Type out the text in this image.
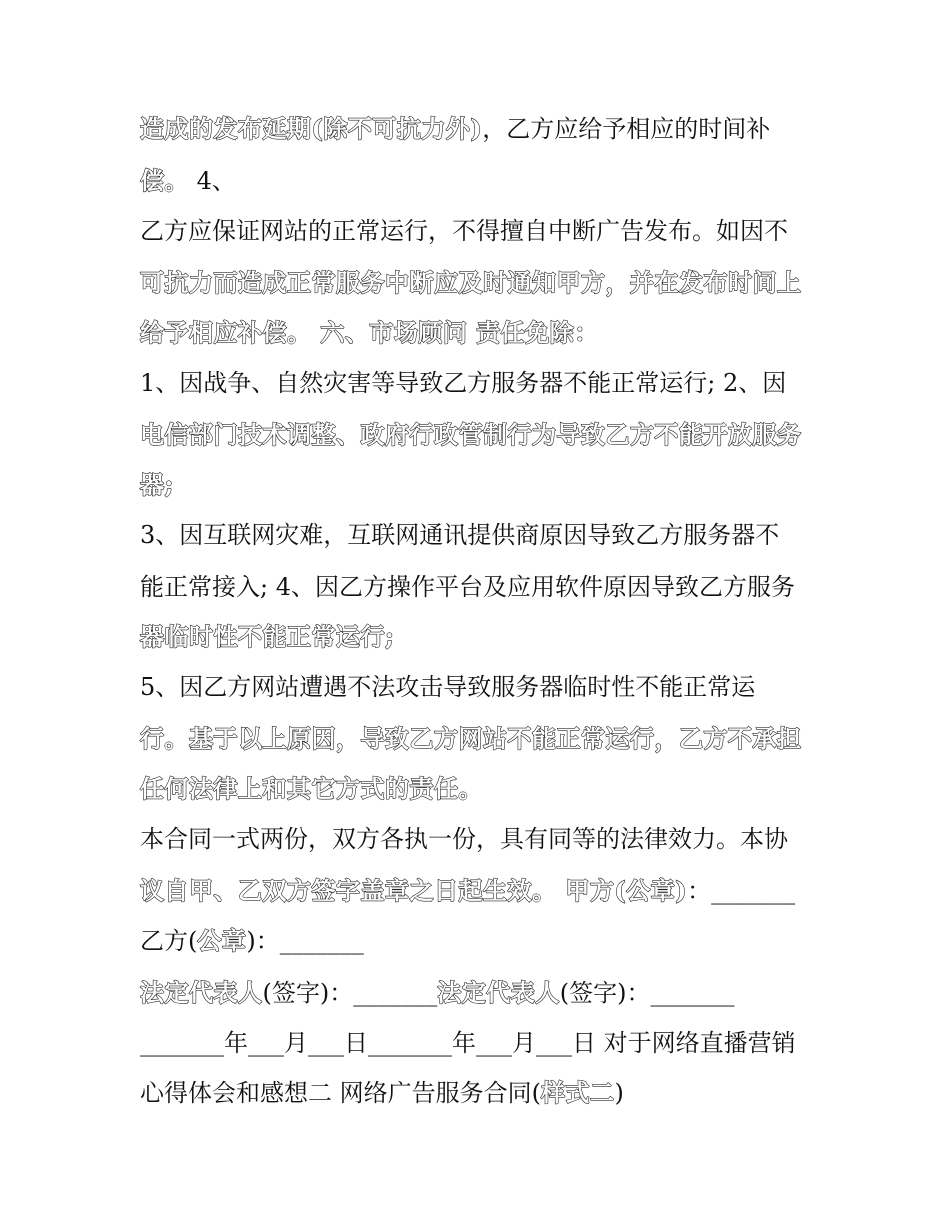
造成的发布延期(除不可抗力外)，乙方应给予相应的时间补
偿。 4、
乙方应保证网站的正常运行，不得擅自中断广告发布。如因不
可抗力而造成正常服务中断应及时通知甲方，并在发布时间上
给予相应补偿。 六、市场顾问 责任免除：
1、因战争、自然灾害等导致乙方服务器不能正常运行; 2、因
电信部门技术调整、政府行政管制行为导致乙方不能开放服务
器;
3、因互联网灾难，互联网通讯提供商原因导致乙方服务器不
能正常接入; 4、因乙方操作平台及应用软件原因导致乙方服务
器临时性不能正常运行;
5、因乙方网站遭遇不法攻击导致服务器临时性不能正常运
行。基于以上原因，导致乙方网站不能正常运行，乙方不承担
任何法律上和其它方式的责任。
本合同一式两份，双方各执一份，具有同等的法律效力。本协
议自甲、乙双方签字盖章之日起生效。 甲方(公章)：_______
乙方(公章)：_______
法定代表人(签字)：_______法定代表人(签字)：_______
_______年___月___日_______年___月___日 对于网络直播营销
心得体会和感想二 网络广告服务合同(样式二)
